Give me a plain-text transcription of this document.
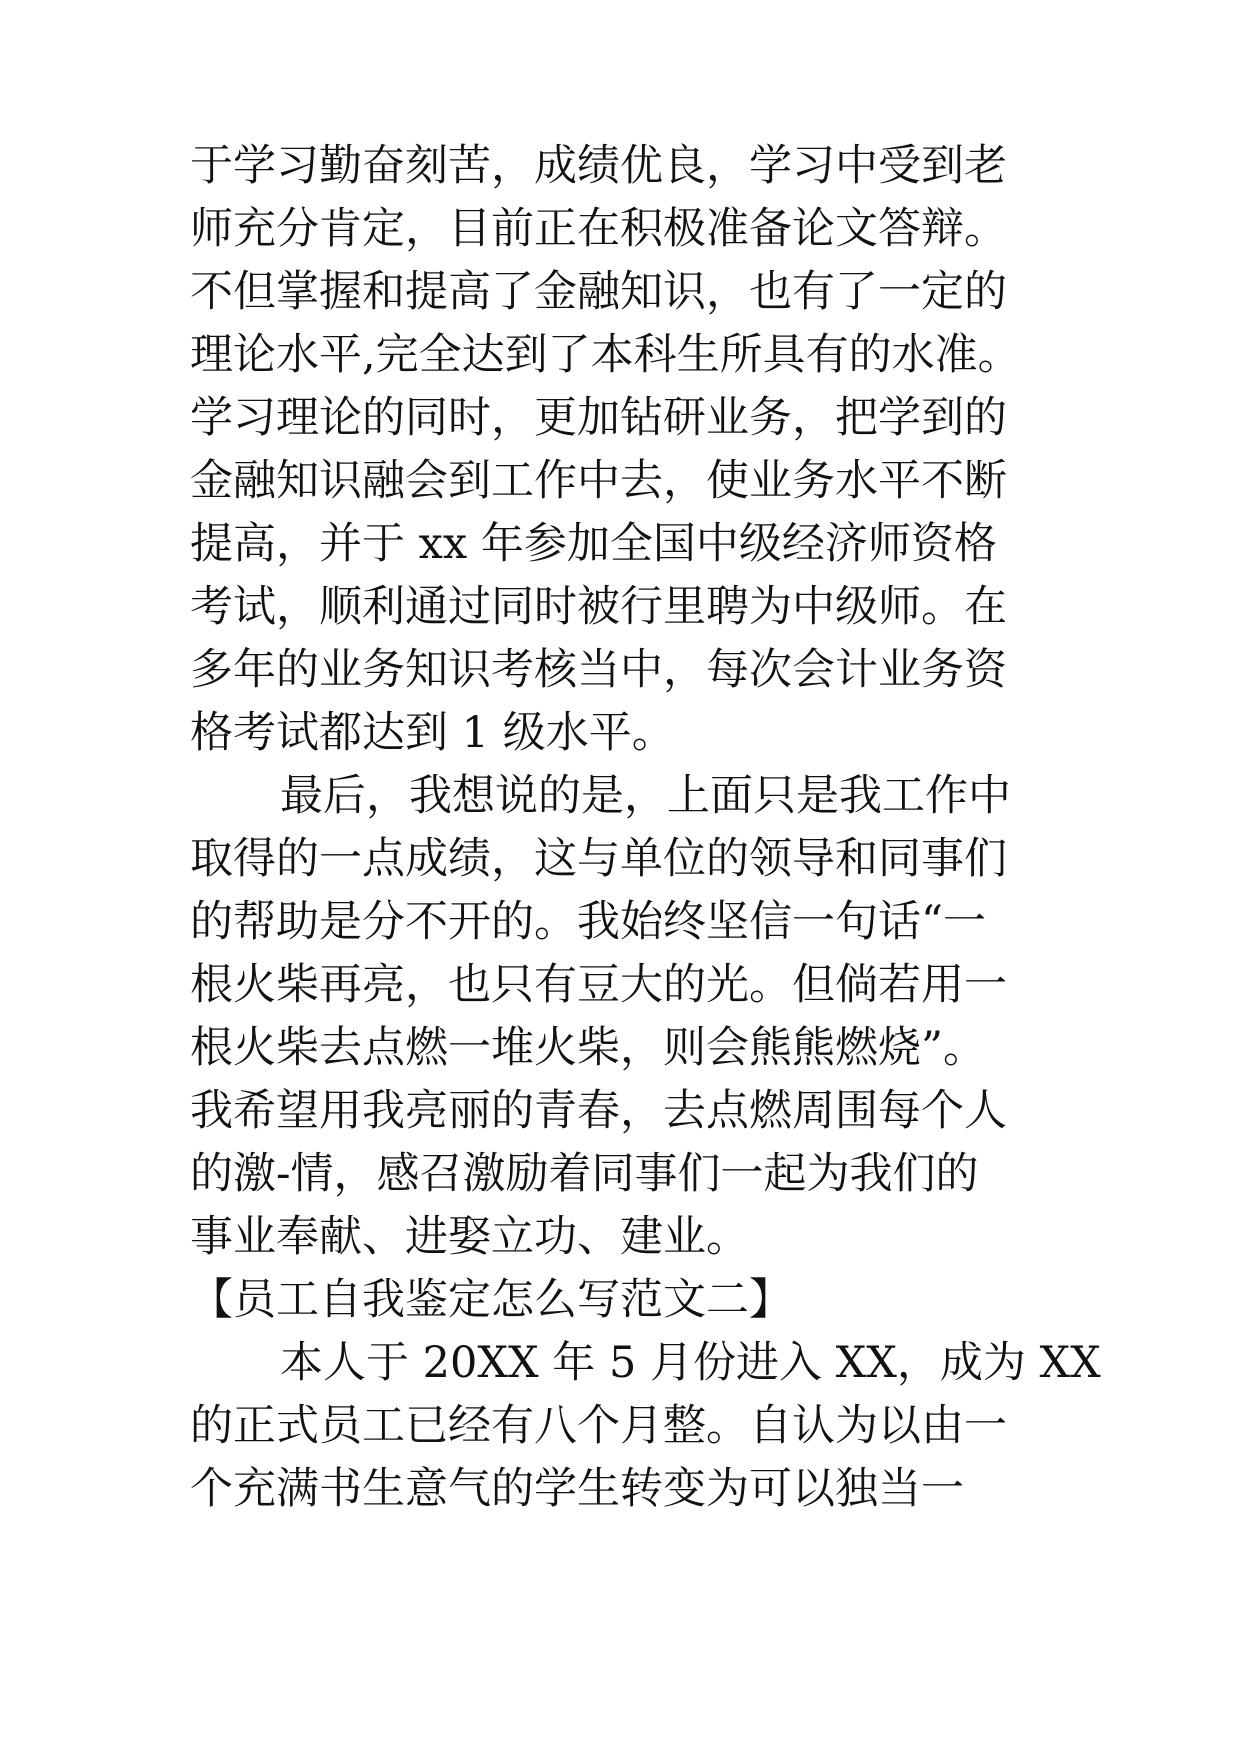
于学习勤奋刻苦，成绩优良，学习中受到老
师充分肯定，目前正在积极准备论文答辩。
不但掌握和提高了金融知识，也有了一定的
理论水平,完全达到了本科生所具有的水准。
学习理论的同时，更加钻研业务，把学到的
金融知识融会到工作中去，使业务水平不断
提高，并于 xx 年参加全国中级经济师资格
考试，顺利通过同时被行里聘为中级师。在
多年的业务知识考核当中，每次会计业务资
格考试都达到 1 级水平。
最后，我想说的是，上面只是我工作中
取得的一点成绩，这与单位的领导和同事们
的帮助是分不开的。我始终坚信一句话“一
根火柴再亮，也只有豆大的光。但倘若用一
根火柴去点燃一堆火柴，则会熊熊燃烧”。
我希望用我亮丽的青春，去点燃周围每个人
的激-情，感召激励着同事们一起为我们的
事业奉献、进娶立功、建业。
【员工自我鉴定怎么写范文二】
本人于 20XX 年 5 月份进入 XX，成为 XX
的正式员工已经有八个月整。自认为以由一
个充满书生意气的学生转变为可以独当一
